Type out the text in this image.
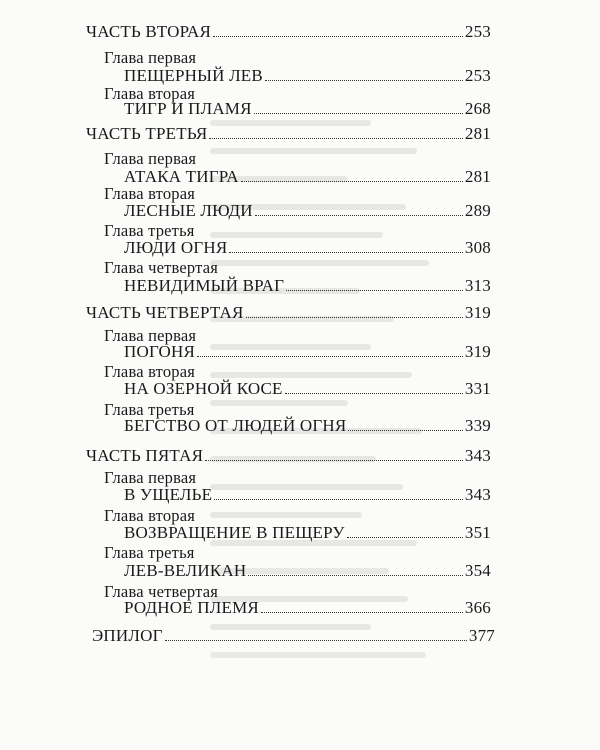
ЧАСТЬ ВТОРАЯ	253
Глава первая
ПЕЩЕРНЫЙ ЛЕВ	253
Глава вторая
ТИГР И ПЛАМЯ	268
ЧАСТЬ ТРЕТЬЯ	281
Глава первая
АТАКА ТИГРА	281
Глава вторая
ЛЕСНЫЕ ЛЮДИ	289
Глава третья
ЛЮДИ ОГНЯ	308
Глава четвертая
НЕВИДИМЫЙ ВРАГ	313
ЧАСТЬ ЧЕТВЕРТАЯ	319
Глава первая
ПОГОНЯ	319
Глава вторая
НА ОЗЕРНОЙ КОСЕ	331
Глава третья
БЕГСТВО ОТ ЛЮДЕЙ ОГНЯ	339
ЧАСТЬ ПЯТАЯ	343
Глава первая
В УЩЕЛЬЕ	343
Глава вторая
ВОЗВРАЩЕНИЕ В ПЕЩЕРУ	351
Глава третья
ЛЕВ-ВЕЛИКАН	354
Глава четвертая
РОДНОЕ ПЛЕМЯ	366
ЭПИЛОГ	377
